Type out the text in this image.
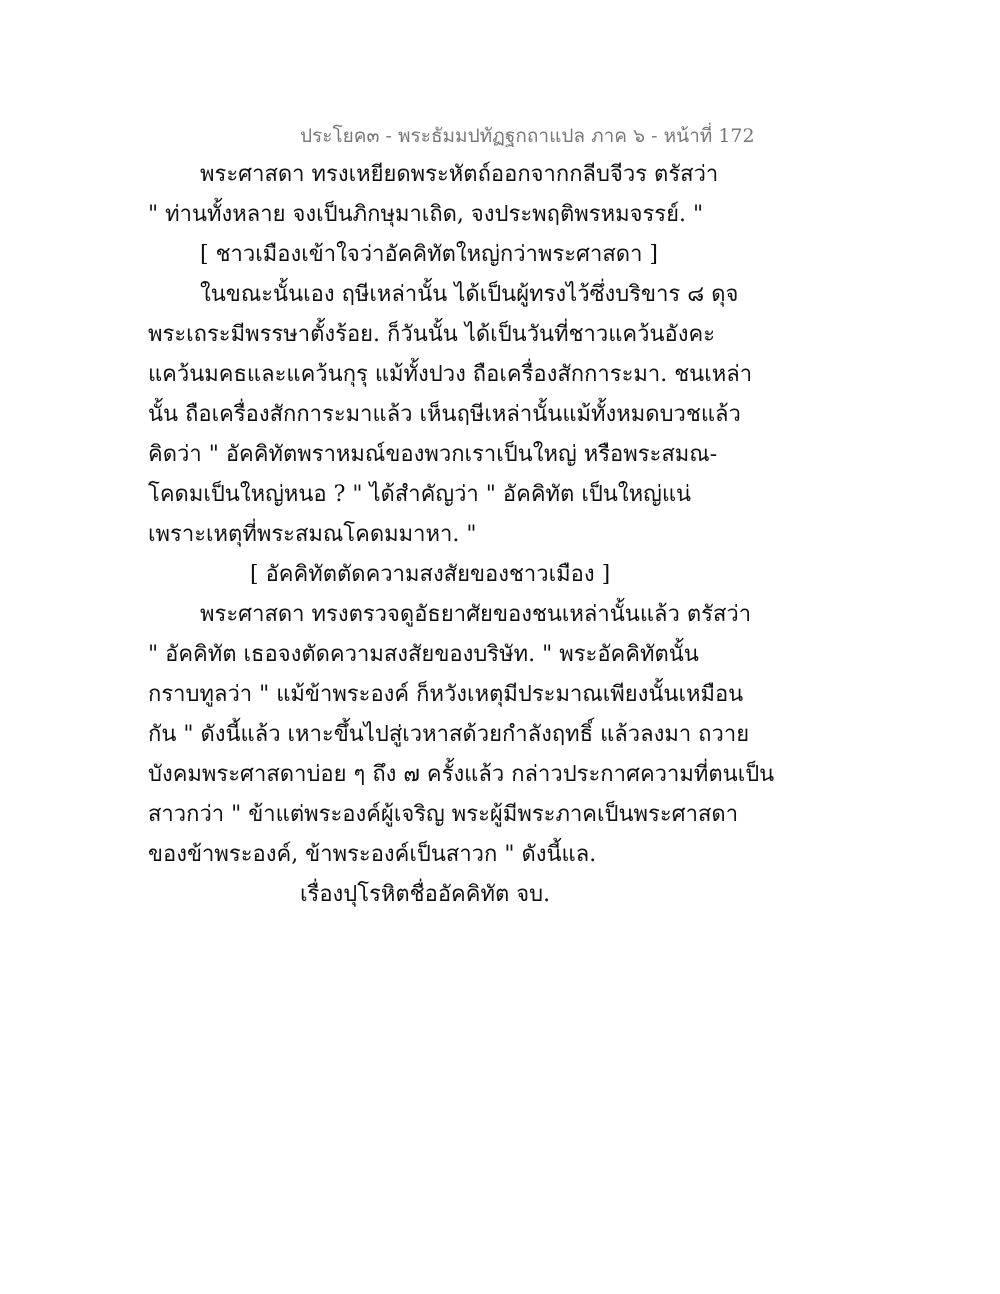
ประโยค๓ - พระธัมมปทัฏฐกถาแปล ภาค ๖ - หน้าที่ 172
พระศาสดา ทรงเหยียดพระหัตถ์ออกจากกลีบจีวร ตรัสว่า
" ท่านทั้งหลาย จงเป็นภิกษุมาเถิด, จงประพฤติพรหมจรรย์. "
[ ชาวเมืองเข้าใจว่าอัคคิทัตใหญ่กว่าพระศาสดา ]
ในขณะนั้นเอง ฤษีเหล่านั้น ได้เป็นผู้ทรงไว้ซึ่งบริขาร ๘ ดุจ
พระเถระมีพรรษาตั้งร้อย. ก็วันนั้น ได้เป็นวันที่ชาวแคว้นอังคะ
แคว้นมคธและแคว้นกุรุ แม้ทั้งปวง ถือเครื่องสักการะมา. ชนเหล่า
นั้น ถือเครื่องสักการะมาแล้ว เห็นฤษีเหล่านั้นแม้ทั้งหมดบวชแล้ว
คิดว่า " อัคคิทัตพราหมณ์ของพวกเราเป็นใหญ่ หรือพระสมณ-
โคดมเป็นใหญ่หนอ ? " ได้สำคัญว่า " อัคคิทัต เป็นใหญ่แน่
เพราะเหตุที่พระสมณโคดมมาหา. "
[ อัคคิทัตตัดความสงสัยของชาวเมือง ]
พระศาสดา ทรงตรวจดูอัธยาศัยของชนเหล่านั้นแล้ว ตรัสว่า
" อัคคิทัต เธอจงตัดความสงสัยของบริษัท. " พระอัคคิทัตนั้น
กราบทูลว่า " แม้ข้าพระองค์ ก็หวังเหตุมีประมาณเพียงนั้นเหมือน
กัน " ดังนี้แล้ว เหาะขึ้นไปสู่เวหาสด้วยกำลังฤทธิ์ แล้วลงมา ถวาย
บังคมพระศาสดาบ่อย ๆ ถึง ๗ ครั้งแล้ว กล่าวประกาศความที่ตนเป็น
สาวกว่า " ข้าแต่พระองค์ผู้เจริญ พระผู้มีพระภาคเป็นพระศาสดา
ของข้าพระองค์, ข้าพระองค์เป็นสาวก " ดังนี้แล.
เรื่องปุโรหิตชื่ออัคคิทัต จบ.
